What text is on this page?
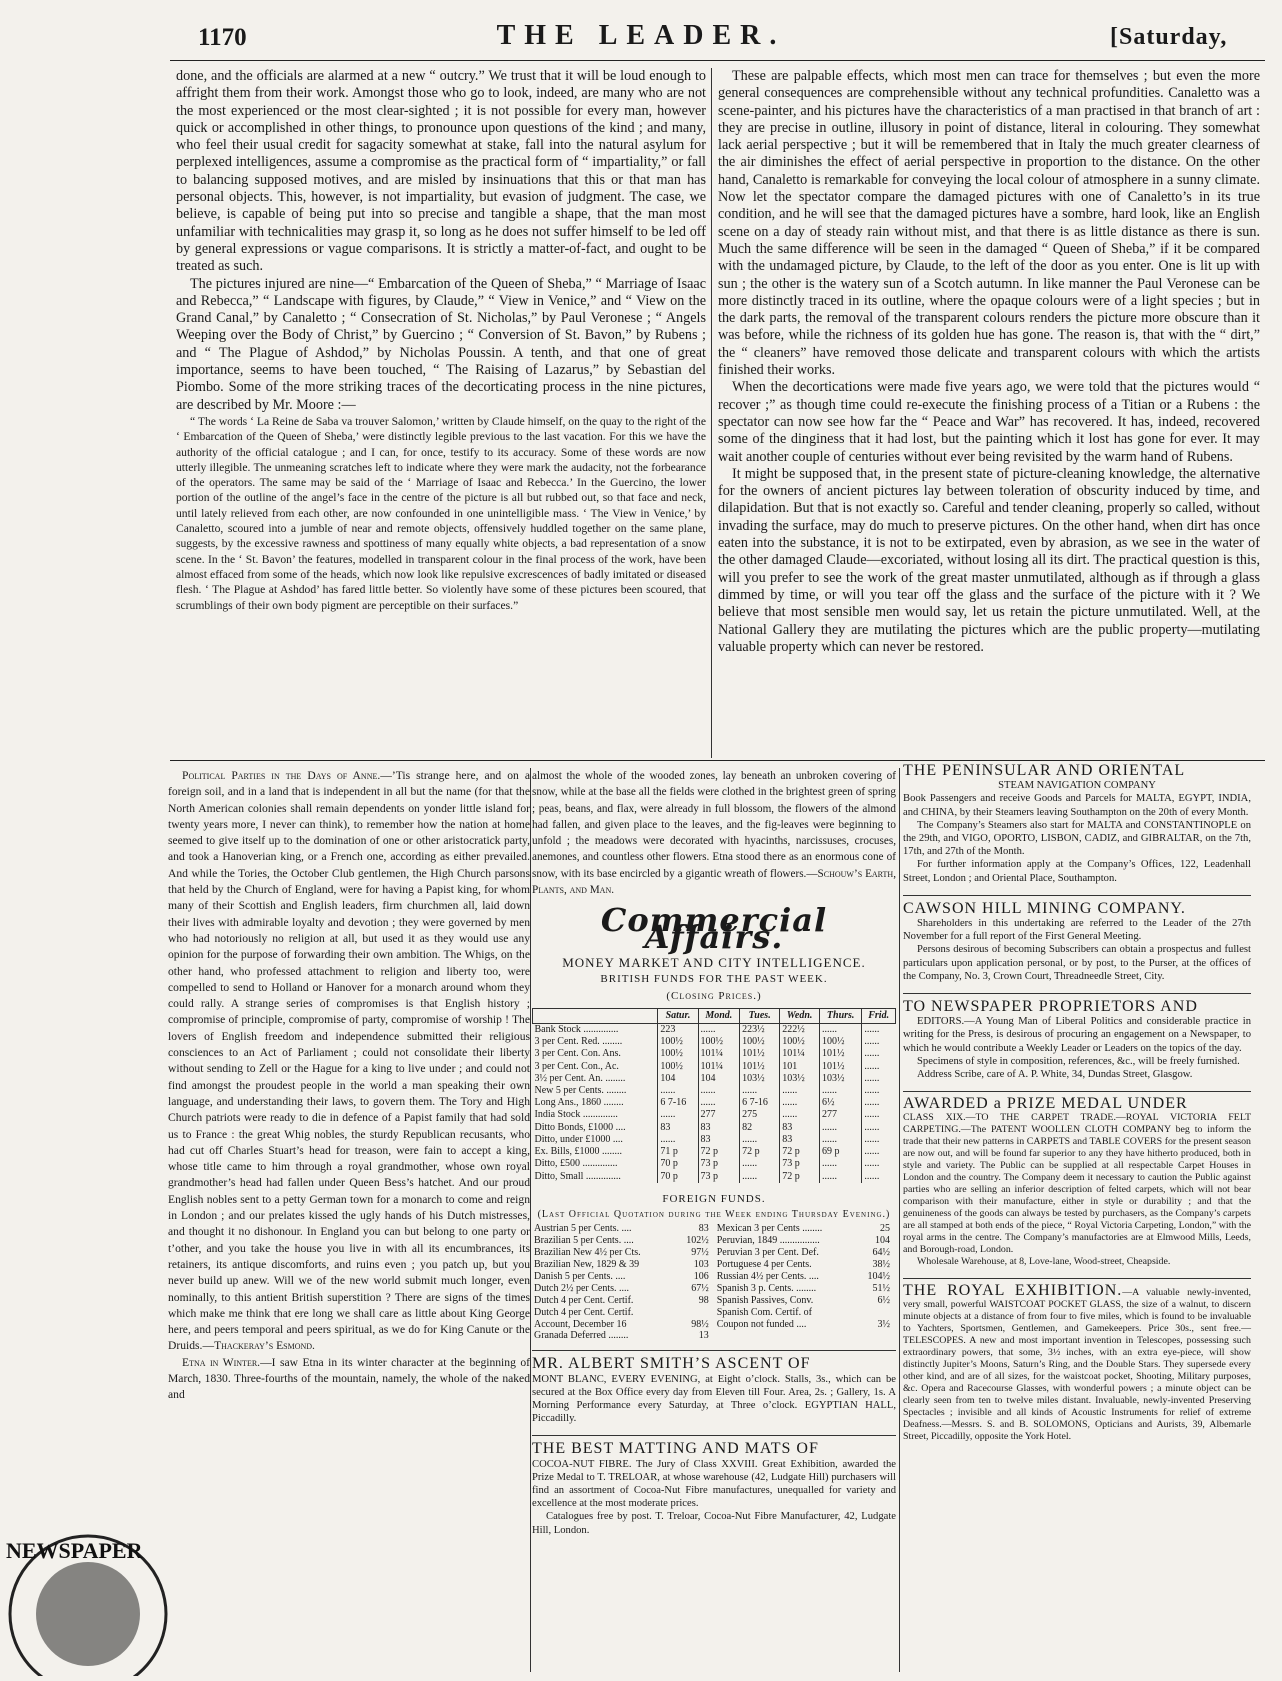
1170	THE LEADER.	[Saturday,

done, and the officials are alarmed at a new “ outcry.” We trust that it will be loud enough to affright them from their work. Amongst those who go to look, indeed, are many who are not the most experienced or the most clear-sighted ; it is not possible for every man, however quick or accomplished in other things, to pronounce upon questions of the kind ; and many, who feel their usual credit for sagacity somewhat at stake, fall into the natural asylum for perplexed intelligences, assume a compromise as the practical form of “ impartiality,” or fall to balancing supposed motives, and are misled by insinuations that this or that man has personal objects. This, however, is not impartiality, but evasion of judgment. The case, we believe, is capable of being put into so precise and tangible a shape, that the man most unfamiliar with technicalities may grasp it, so long as he does not suffer himself to be led off by general expressions or vague comparisons. It is strictly a matter-of-fact, and ought to be treated as such.

The pictures injured are nine—“ Embarcation of the Queen of Sheba,” “ Marriage of Isaac and Rebecca,” “ Landscape with figures, by Claude,” “ View in Venice,” and “ View on the Grand Canal,” by Canaletto ; “ Consecration of St. Nicholas,” by Paul Veronese ; “ Angels Weeping over the Body of Christ,” by Guercino ; “ Conversion of St. Bavon,” by Rubens ; and “ The Plague of Ashdod,” by Nicholas Poussin. A tenth, and that one of great importance, seems to have been touched, “ The Raising of Lazarus,” by Sebastian del Piombo. Some of the more striking traces of the decorticating process in the nine pictures, are described by Mr. Moore :—

“ The words ‘ La Reine de Saba va trouver Salomon,’ written by Claude himself, on the quay to the right of the ‘ Embarcation of the Queen of Sheba,’ were distinctly legible previous to the last vacation. For this we have the authority of the official catalogue ; and I can, for once, testify to its accuracy. Some of these words are now utterly illegible. The unmeaning scratches left to indicate where they were mark the audacity, not the forbearance of the operators. The same may be said of the ‘ Marriage of Isaac and Rebecca.’ In the Guercino, the lower portion of the outline of the angel’s face in the centre of the picture is all but rubbed out, so that face and neck, until lately relieved from each other, are now confounded in one unintelligible mass. ‘ The View in Venice,’ by Canaletto, scoured into a jumble of near and remote objects, offensively huddled together on the same plane, suggests, by the excessive rawness and spottiness of many equally white objects, a bad representation of a snow scene. In the ‘ St. Bavon’ the features, modelled in transparent colour in the final process of the work, have been almost effaced from some of the heads, which now look like repulsive excrescences of badly imitated or diseased flesh. ‘ The Plague at Ashdod’ has fared little better. So violently have some of these pictures been scoured, that scrumblings of their own body pigment are perceptible on their surfaces.”

These are palpable effects, which most men can trace for themselves ; but even the more general consequences are comprehensible without any technical profundities. Canaletto was a scene-painter, and his pictures have the characteristics of a man practised in that branch of art : they are precise in outline, illusory in point of distance, literal in colouring. They somewhat lack aerial perspective ; but it will be remembered that in Italy the much greater clearness of the air diminishes the effect of aerial perspective in proportion to the distance. On the other hand, Canaletto is remarkable for conveying the local colour of atmosphere in a sunny climate. Now let the spectator compare the damaged pictures with one of Canaletto’s in its true condition, and he will see that the damaged pictures have a sombre, hard look, like an English scene on a day of steady rain without mist, and that there is as little distance as there is sun. Much the same difference will be seen in the damaged “ Queen of Sheba,” if it be compared with the undamaged picture, by Claude, to the left of the door as you enter. One is lit up with sun ; the other is the watery sun of a Scotch autumn. In like manner the Paul Veronese can be more distinctly traced in its outline, where the opaque colours were of a light species ; but in the dark parts, the removal of the transparent colours renders the picture more obscure than it was before, while the richness of its golden hue has gone. The reason is, that with the “ dirt,” the “ cleaners” have removed those delicate and transparent colours with which the artists finished their works.

When the decortications were made five years ago, we were told that the pictures would “ recover ;” as though time could re-execute the finishing process of a Titian or a Rubens : the spectator can now see how far the “ Peace and War” has recovered. It has, indeed, recovered some of the dinginess that it had lost, but the painting which it lost has gone for ever. It may wait another couple of centuries without ever being revisited by the warm hand of Rubens.

It might be supposed that, in the present state of picture-cleaning knowledge, the alternative for the owners of ancient pictures lay between toleration of obscurity induced by time, and dilapidation. But that is not exactly so. Careful and tender cleaning, properly so called, without invading the surface, may do much to preserve pictures. On the other hand, when dirt has once eaten into the substance, it is not to be extirpated, even by abrasion, as we see in the water of the other damaged Claude—excoriated, without losing all its dirt. The practical question is this, will you prefer to see the work of the great master unmutilated, although as if through a glass dimmed by time, or will you tear off the glass and the surface of the picture with it ? We believe that most sensible men would say, let us retain the picture unmutilated. Well, at the National Gallery they are mutilating the pictures which are the public property—mutilating valuable property which can never be restored.

Political Parties in the Days of Anne.—’Tis strange here, and on a foreign soil, and in a land that is independent in all but the name (for that the North American colonies shall remain dependents on yonder little island for twenty years more, I never can think), to remember how the nation at home seemed to give itself up to the domination of one or other aristocratick party, and took a Hanoverian king, or a French one, according as either prevailed. And while the Tories, the October Club gentlemen, the High Church parsons that held by the Church of England, were for having a Papist king, for whom many of their Scottish and English leaders, firm churchmen all, laid down their lives with admirable loyalty and devotion ; they were governed by men who had notoriously no religion at all, but used it as they would use any opinion for the purpose of forwarding their own ambition. The Whigs, on the other hand, who professed attachment to religion and liberty too, were compelled to send to Holland or Hanover for a monarch around whom they could rally. A strange series of compromises is that English history ; compromise of principle, compromise of party, compromise of worship ! The lovers of English freedom and independence submitted their religious consciences to an Act of Parliament ; could not consolidate their liberty without sending to Zell or the Hague for a king to live under ; and could not find amongst the proudest people in the world a man speaking their own language, and understanding their laws, to govern them. The Tory and High Church patriots were ready to die in defence of a Papist family that had sold us to France : the great Whig nobles, the sturdy Republican recusants, who had cut off Charles Stuart’s head for treason, were fain to accept a king, whose title came to him through a royal grandmother, whose own royal grandmother’s head had fallen under Queen Bess’s hatchet. And our proud English nobles sent to a petty German town for a monarch to come and reign in London ; and our prelates kissed the ugly hands of his Dutch mistresses, and thought it no dishonour. In England you can but belong to one party or t’other, and you take the house you live in with all its encumbrances, its retainers, its antique discomforts, and ruins even ; you patch up, but you never build up anew. Will we of the new world submit much longer, even nominally, to this antient British superstition ? There are signs of the times which make me think that ere long we shall care as little about King George here, and peers temporal and peers spiritual, as we do for King Canute or the Druids.—Thackeray’s Esmond.

Etna in Winter.—I saw Etna in its winter character at the beginning of March, 1830. Three-fourths of the mountain, namely, the whole of the naked and

almost the whole of the wooded zones, lay beneath an unbroken covering of snow, while at the base all the fields were clothed in the brightest green of spring ; peas, beans, and flax, were already in full blossom, the flowers of the almond had fallen, and given place to the leaves, and the fig-leaves were beginning to unfold ; the meadows were decorated with hyacinths, narcissuses, crocuses, anemones, and countless other flowers. Etna stood there as an enormous cone of snow, with its base encircled by a gigantic wreath of flowers.—Schouw’s Earth, Plants, and Man.

Commercial Affairs.
MONEY MARKET AND CITY INTELLIGENCE.
BRITISH FUNDS FOR THE PAST WEEK.
(Closing Prices.)
	Satur.	Mond.	Tues.	Wedn.	Thurs.	Frid.
Bank Stock ..............	223	......	223½	222½	......	......
3 per Cent. Red. ........	100½	100½	100½	100½	100½	......
3 per Cent. Con. Ans.	100½	101¼	101½	101¼	101½	......
3 per Cent. Con., Ac.	100½	101¼	101½	101	101½	......
3½ per Cent. An. ........	104	104	103½	103½	103½	......
New 5 per Cents. ........	......	......	......	......	......	......
Long Ans., 1860 ........	6 7-16	......	6 7-16	......	6½	......
India Stock ..............	......	277	275	......	277	......
Ditto Bonds, £1000 ....	83	83	82	83	......	......
Ditto, under £1000 ....	......	83	......	83	......	......
Ex. Bills, £1000 ........	71 p	72 p	72 p	72 p	69 p	......
Ditto, £500 ..............	70 p	73 p	......	73 p	......	......
Ditto, Small ..............	70 p	73 p	......	72 p	......	......
FOREIGN FUNDS.
(Last Official Quotation during the Week ending Thursday Evening.)
Austrian 5 per Cents. ....	83	Mexican 3 per Cents ........	25
Brazilian 5 per Cents. ....	102½	Peruvian, 1849 ................	104
Brazilian New 4½ per Cts.	97½	Peruvian 3 per Cent. Def.	64½
Brazilian New, 1829 & 39	103	Portuguese 4 per Cents.	38½
Danish 5 per Cents. ....	106	Russian 4½ per Cents. ....	104½
Dutch 2½ per Cents. ....	67½	Spanish 3 p. Cents. ........	51½
Dutch 4 per Cent. Certif.	98	Spanish Passives, Conv.	6½
Dutch 4 per Cent. Certif.		Spanish Com. Certif. of	
Account, December 16	98½	Coupon not funded ....	3½
Granada Deferred ........	13		

MR. ALBERT SMITH’S ASCENT OF

MONT BLANC, EVERY EVENING, at Eight o’clock. Stalls, 3s., which can be secured at the Box Office every day from Eleven till Four. Area, 2s. ; Gallery, 1s. A Morning Performance every Saturday, at Three o’clock. EGYPTIAN HALL, Piccadilly.

THE BEST MATTING AND MATS OF

COCOA-NUT FIBRE. The Jury of Class XXVIII. Great Exhibition, awarded the Prize Medal to T. TRELOAR, at whose warehouse (42, Ludgate Hill) purchasers will find an assortment of Cocoa-Nut Fibre manufactures, unequalled for variety and excellence at the most moderate prices.

Catalogues free by post. T. Treloar, Cocoa-Nut Fibre Manufacturer, 42, Ludgate Hill, London.

THE PENINSULAR AND ORIENTAL

STEAM NAVIGATION COMPANY

Book Passengers and receive Goods and Parcels for MALTA, EGYPT, INDIA, and CHINA, by their Steamers leaving Southampton on the 20th of every Month.

The Company’s Steamers also start for MALTA and CONSTANTINOPLE on the 29th, and VIGO, OPORTO, LISBON, CADIZ, and GIBRALTAR, on the 7th, 17th, and 27th of the Month.

For further information apply at the Company’s Offices, 122, Leadenhall Street, London ; and Oriental Place, Southampton.

CAWSON HILL MINING COMPANY.

Shareholders in this undertaking are referred to the Leader of the 27th November for a full report of the First General Meeting.

Persons desirous of becoming Subscribers can obtain a prospectus and fullest particulars upon application personal, or by post, to the Purser, at the offices of the Company, No. 3, Crown Court, Threadneedle Street, City.

TO NEWSPAPER PROPRIETORS AND

EDITORS.—A Young Man of Liberal Politics and considerable practice in writing for the Press, is desirous of procuring an engagement on a Newspaper, to which he would contribute a Weekly Leader or Leaders on the topics of the day.

Specimens of style in composition, references, &c., will be freely furnished.

Address Scribe, care of A. P. White, 34, Dundas Street, Glasgow.

AWARDED a PRIZE MEDAL UNDER

CLASS XIX.—TO THE CARPET TRADE.—ROYAL VICTORIA FELT CARPETING.—The PATENT WOOLLEN CLOTH COMPANY beg to inform the trade that their new patterns in CARPETS and TABLE COVERS for the present season are now out, and will be found far superior to any they have hitherto produced, both in style and variety. The Public can be supplied at all respectable Carpet Houses in London and the country. The Company deem it necessary to caution the Public against parties who are selling an inferior description of felted carpets, which will not bear comparison with their manufacture, either in style or durability ; and that the genuineness of the goods can always be tested by purchasers, as the Company’s carpets are all stamped at both ends of the piece, “ Royal Victoria Carpeting, London,” with the royal arms in the centre. The Company’s manufactories are at Elmwood Mills, Leeds, and Borough-road, London.

Wholesale Warehouse, at 8, Love-lane, Wood-street, Cheapside.

THE ROYAL EXHIBITION.—A valuable newly-invented, very small, powerful WAISTCOAT POCKET GLASS, the size of a walnut, to discern minute objects at a distance of from four to five miles, which is found to be invaluable to Yachters, Sportsmen, Gentlemen, and Gamekeepers. Price 30s., sent free.—TELESCOPES. A new and most important invention in Telescopes, possessing such extraordinary powers, that some, 3½ inches, with an extra eye-piece, will show distinctly Jupiter’s Moons, Saturn’s Ring, and the Double Stars. They supersede every other kind, and are of all sizes, for the waistcoat pocket, Shooting, Military purposes, &c. Opera and Racecourse Glasses, with wonderful powers ; a minute object can be clearly seen from ten to twelve miles distant. Invaluable, newly-invented Preserving Spectacles ; invisible and all kinds of Acoustic Instruments for relief of extreme Deafness.—Messrs. S. and B. SOLOMONS, Opticians and Aurists, 39, Albemarle Street, Piccadilly, opposite the York Hotel.

NEWSPAPER
